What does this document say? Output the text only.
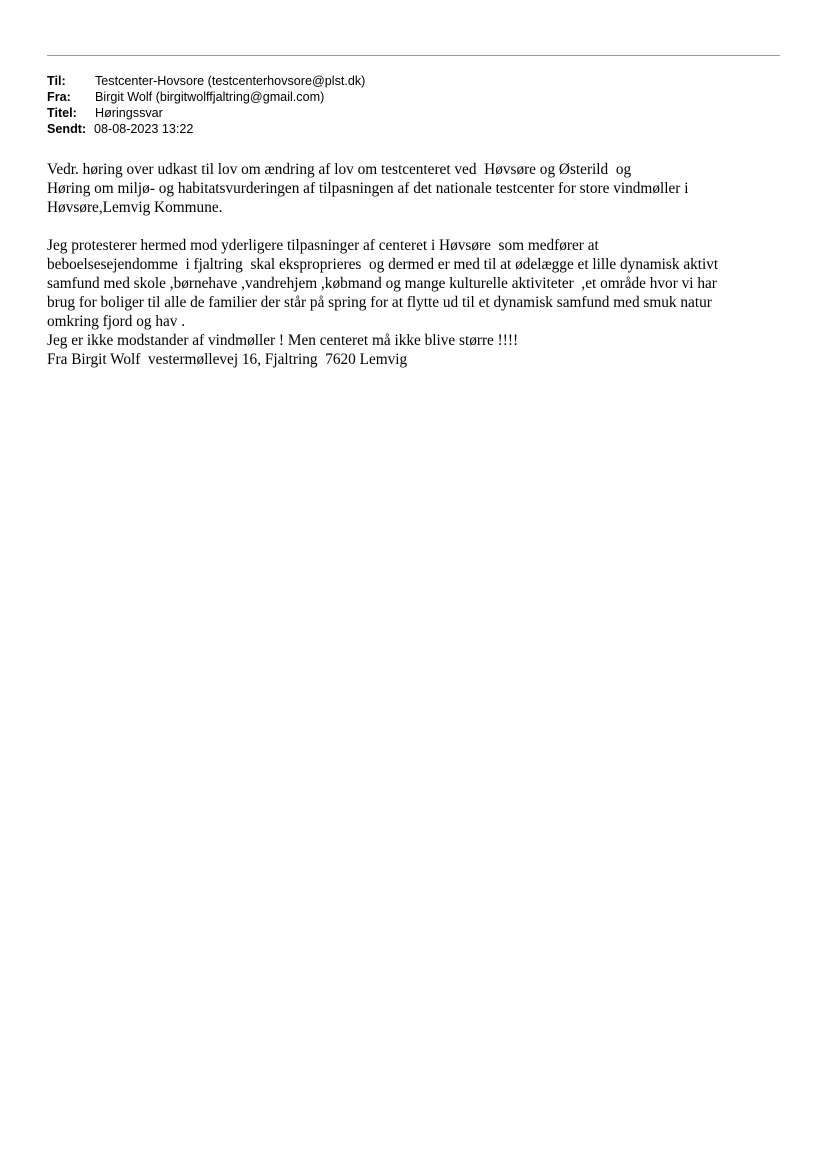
Til:	Testcenter-Hovsore (testcenterhovsore@plst.dk)
Fra:	Birgit Wolf (birgitwolffjaltring@gmail.com)
Titel:	Høringssvar
Sendt: 08-08-2023 13:22
Vedr. høring over udkast til lov om ændring af lov om testcenteret ved  Høvsøre og Østerild  og
Høring om miljø- og habitatsvurderingen af tilpasningen af det nationale testcenter for store vindmøller i
Høvsøre,Lemvig Kommune.
Jeg protesterer hermed mod yderligere tilpasninger af centeret i Høvsøre  som medfører at
beboelsesejendomme  i fjaltring  skal eksproprieres  og dermed er med til at ødelægge et lille dynamisk aktivt
samfund med skole ,børnehave ,vandrehjem ,købmand og mange kulturelle aktiviteter  ,et område hvor vi har
brug for boliger til alle de familier der står på spring for at flytte ud til et dynamisk samfund med smuk natur
omkring fjord og hav .
Jeg er ikke modstander af vindmøller ! Men centeret må ikke blive større !!!!
Fra Birgit Wolf  vestermøllevej 16, Fjaltring  7620 Lemvig
